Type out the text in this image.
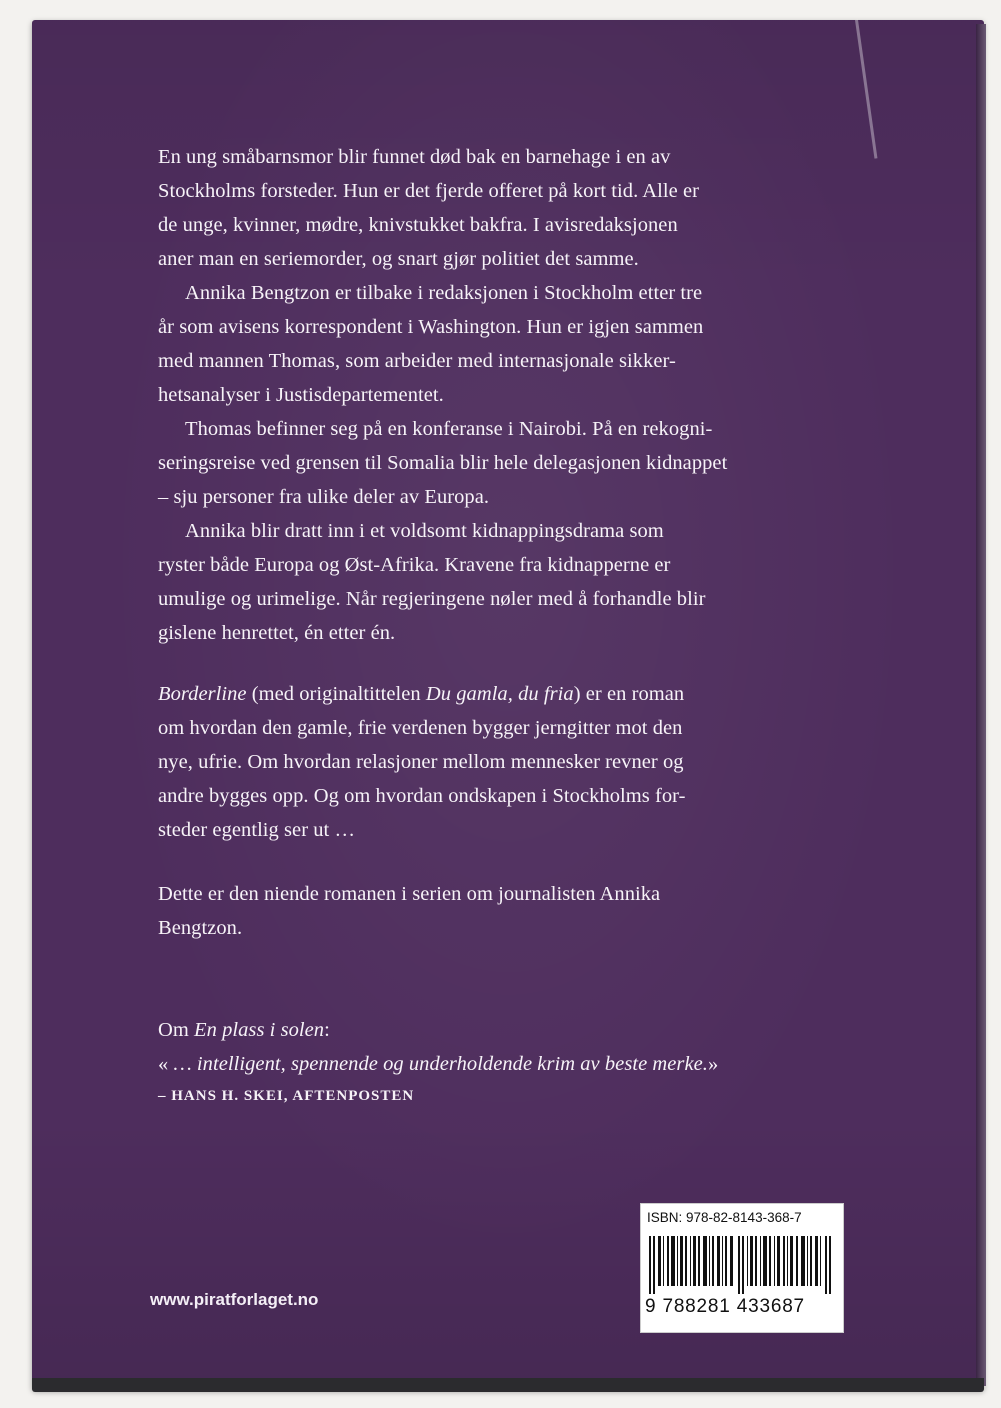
En ung småbarnsmor blir funnet død bak en barnehage i en av
Stockholms forsteder. Hun er det fjerde offeret på kort tid. Alle er
de unge, kvinner, mødre, knivstukket bakfra. I avisredaksjonen
aner man en seriemorder, og snart gjør politiet det samme.

Annika Bengtzon er tilbake i redaksjonen i Stockholm etter tre
år som avisens korrespondent i Washington. Hun er igjen sammen
med mannen Thomas, som arbeider med internasjonale sikker-
hetsanalyser i Justisdepartementet.

Thomas befinner seg på en konferanse i Nairobi. På en rekogni-
seringsreise ved grensen til Somalia blir hele delegasjonen kidnappet
– sju personer fra ulike deler av Europa.

Annika blir dratt inn i et voldsomt kidnappingsdrama som
ryster både Europa og Øst-Afrika. Kravene fra kidnapperne er
umulige og urimelige. Når regjeringene nøler med å forhandle blir
gislene henrettet, én etter én.

Borderline (med originaltittelen Du gamla, du fria) er en roman
om hvordan den gamle, frie verdenen bygger jerngitter mot den
nye, ufrie. Om hvordan relasjoner mellom mennesker revner og
andre bygges opp. Og om hvordan ondskapen i Stockholms for-
steder egentlig ser ut …
Dette er den niende romanen i serien om journalisten Annika
Bengtzon.
Om En plass i solen:
« … intelligent, spennende og underholdende krim av beste merke.»
– HANS H. SKEI, AFTENPOSTEN
www.piratforlaget.no
ISBN: 978-82-8143-368-7
9 788281 433687
